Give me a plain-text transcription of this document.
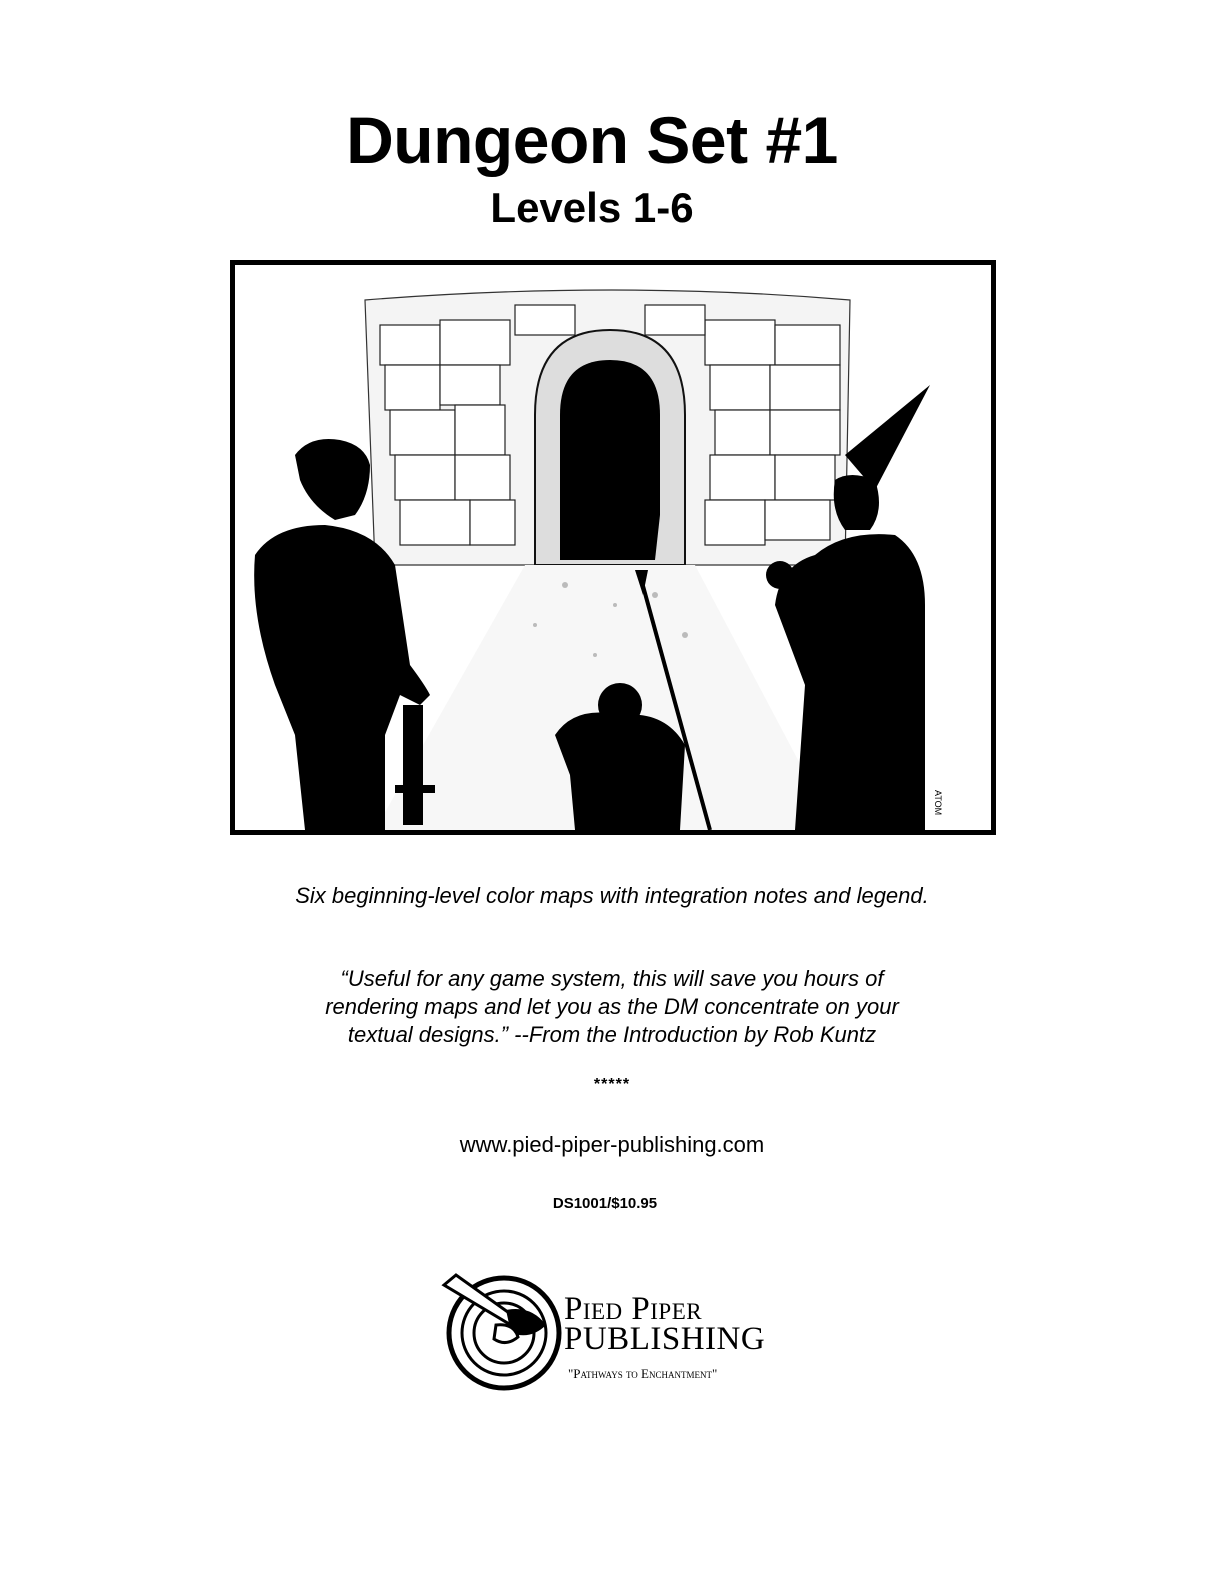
Dungeon Set #1
Levels 1-6
ATOM
Six beginning-level color maps with integration notes and legend.
“Useful for any game system, this will save you hours of rendering maps and let you as the DM concentrate on your textual designs.” --From the Introduction by Rob Kuntz
*****
www.pied-piper-publishing.com
DS1001/$10.95
Pied Piper
PUBLISHING
"Pathways to Enchantment"
